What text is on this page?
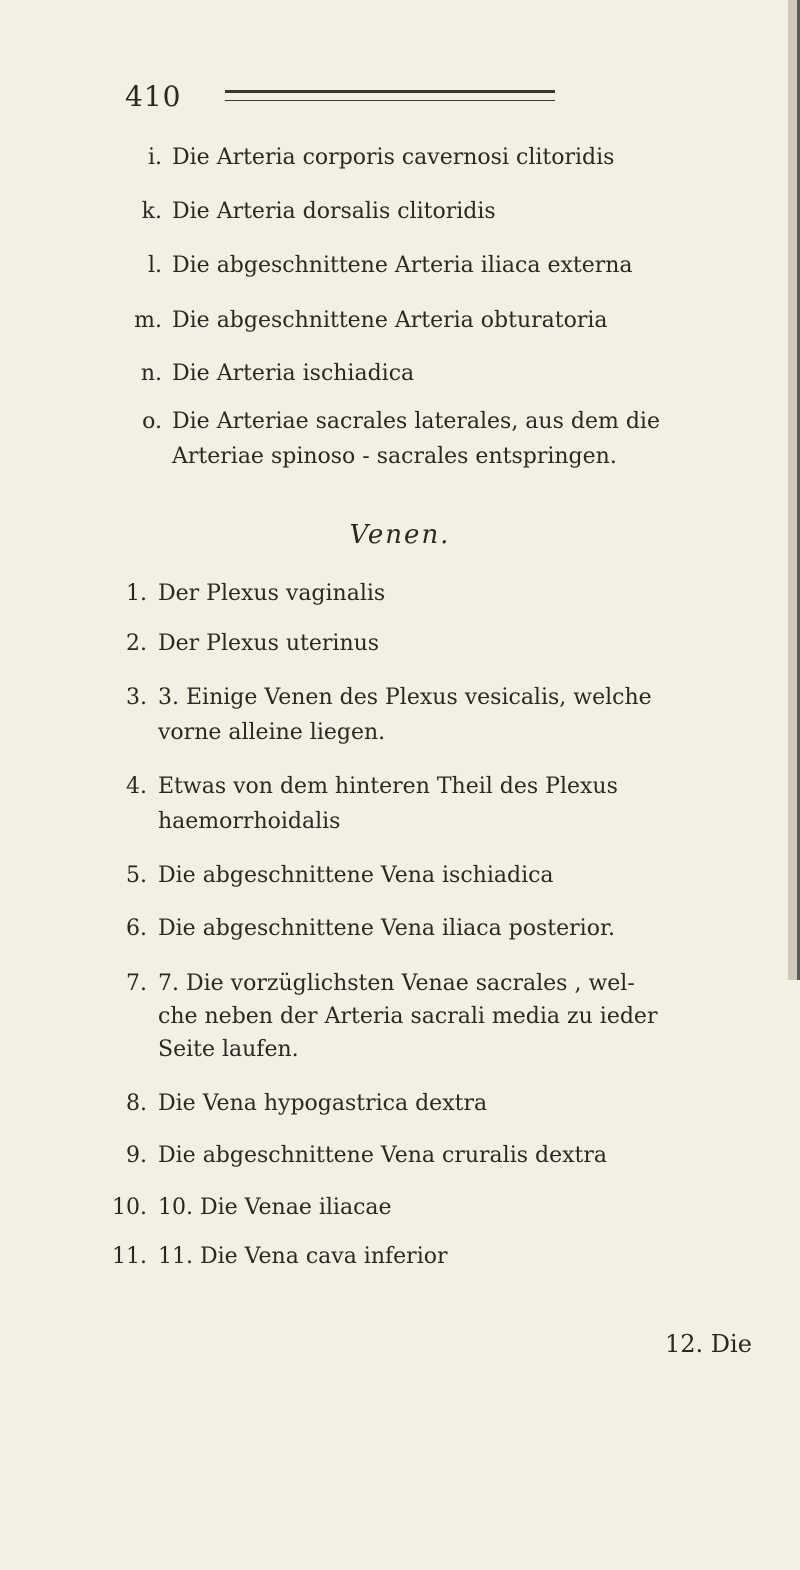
410
i. Die Arteria corporis cavernosi clitoridis
k. Die Arteria dorsalis clitoridis
l. Die abgeschnittene Arteria iliaca externa
m. Die abgeschnittene Arteria obturatoria
n. Die Arteria ischiadica
o. Die Arteriae sacrales laterales, aus dem die
Arteriae spinoso - sacrales entspringen.
Venen.
1. Der Plexus vaginalis
2. Der Plexus uterinus
3. 3. Einige Venen des Plexus vesicalis, welche
vorne alleine liegen.
4. Etwas von dem hinteren Theil des Plexus
haemorrhoidalis
5. Die abgeschnittene Vena ischiadica
6. Die abgeschnittene Vena iliaca posterior.
7. 7. Die vorzüglichsten Venae sacrales , wel-
che neben der Arteria sacrali media zu ieder
Seite laufen.
8. Die Vena hypogastrica dextra
9. Die abgeschnittene Vena cruralis dextra
10. 10. Die Venae iliacae
11. 11. Die Vena cava inferior
12. Die
